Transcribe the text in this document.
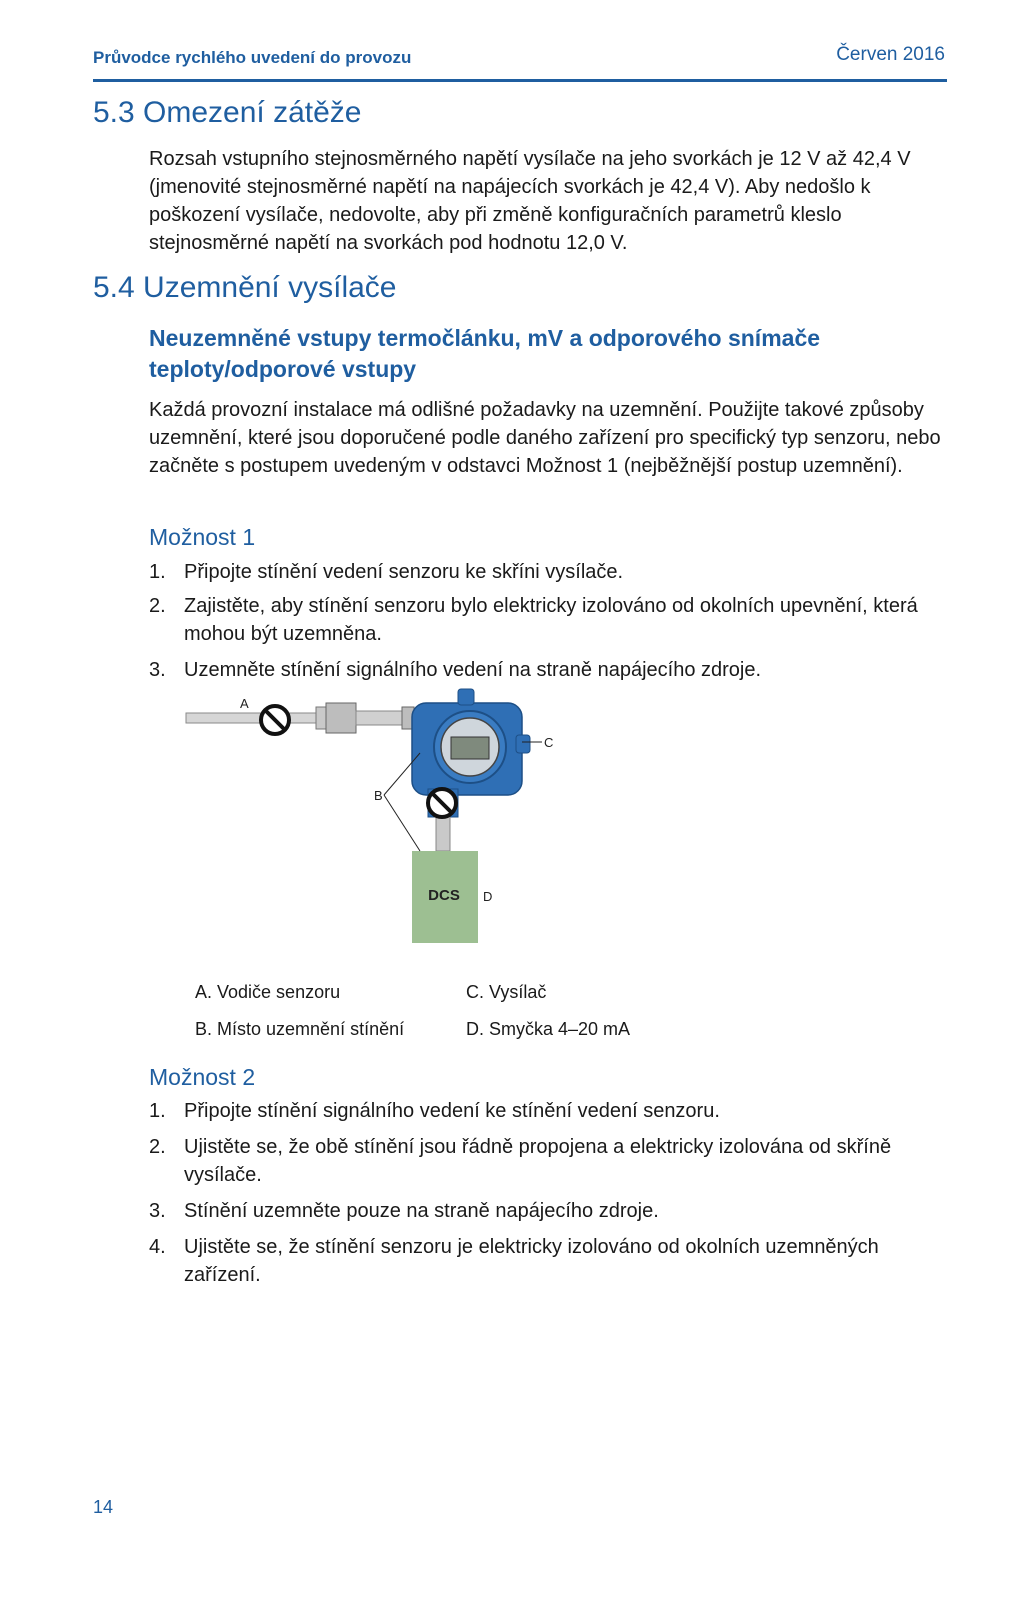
Průvodce rychlého uvedení do provozu	Červen 2016
5.3 Omezení zátěže

Rozsah vstupního stejnosměrného napětí vysílače na jeho svorkách je 12 V až 42,4 V (jmenovité stejnosměrné napětí na napájecích svorkách je 42,4 V). Aby nedošlo k poškození vysílače, nedovolte, aby při změně konfiguračních parametrů kleslo stejnosměrné napětí na svorkách pod hodnotu 12,0 V.

5.4 Uzemnění vysílače
Neuzemněné vstupy termočlánku, mV a odporového snímače teploty/odporové vstupy

Každá provozní instalace má odlišné požadavky na uzemnění. Použijte takové způsoby uzemnění, které jsou doporučené podle daného zařízení pro specifický typ senzoru, nebo začněte s postupem uvedeným v odstavci Možnost 1 (nejběžnější postup uzemnění).

Možnost 1
1. Připojte stínění vedení senzoru ke skříni vysílače.
2. Zajistěte, aby stínění senzoru bylo elektricky izolováno od okolních upevnění, která mohou být uzemněna.
3. Uzemněte stínění signálního vedení na straně napájecího zdroje.
DCS
A
B
C
D
A. Vodiče senzoru	C. Vysílač
B. Místo uzemnění stínění	D. Smyčka 4–20 mA
Možnost 2
1. Připojte stínění signálního vedení ke stínění vedení senzoru.
2. Ujistěte se, že obě stínění jsou řádně propojena a elektricky izolována od skříně vysílače.
3. Stínění uzemněte pouze na straně napájecího zdroje.
4. Ujistěte se, že stínění senzoru je elektricky izolováno od okolních uzemněných zařízení.
14
